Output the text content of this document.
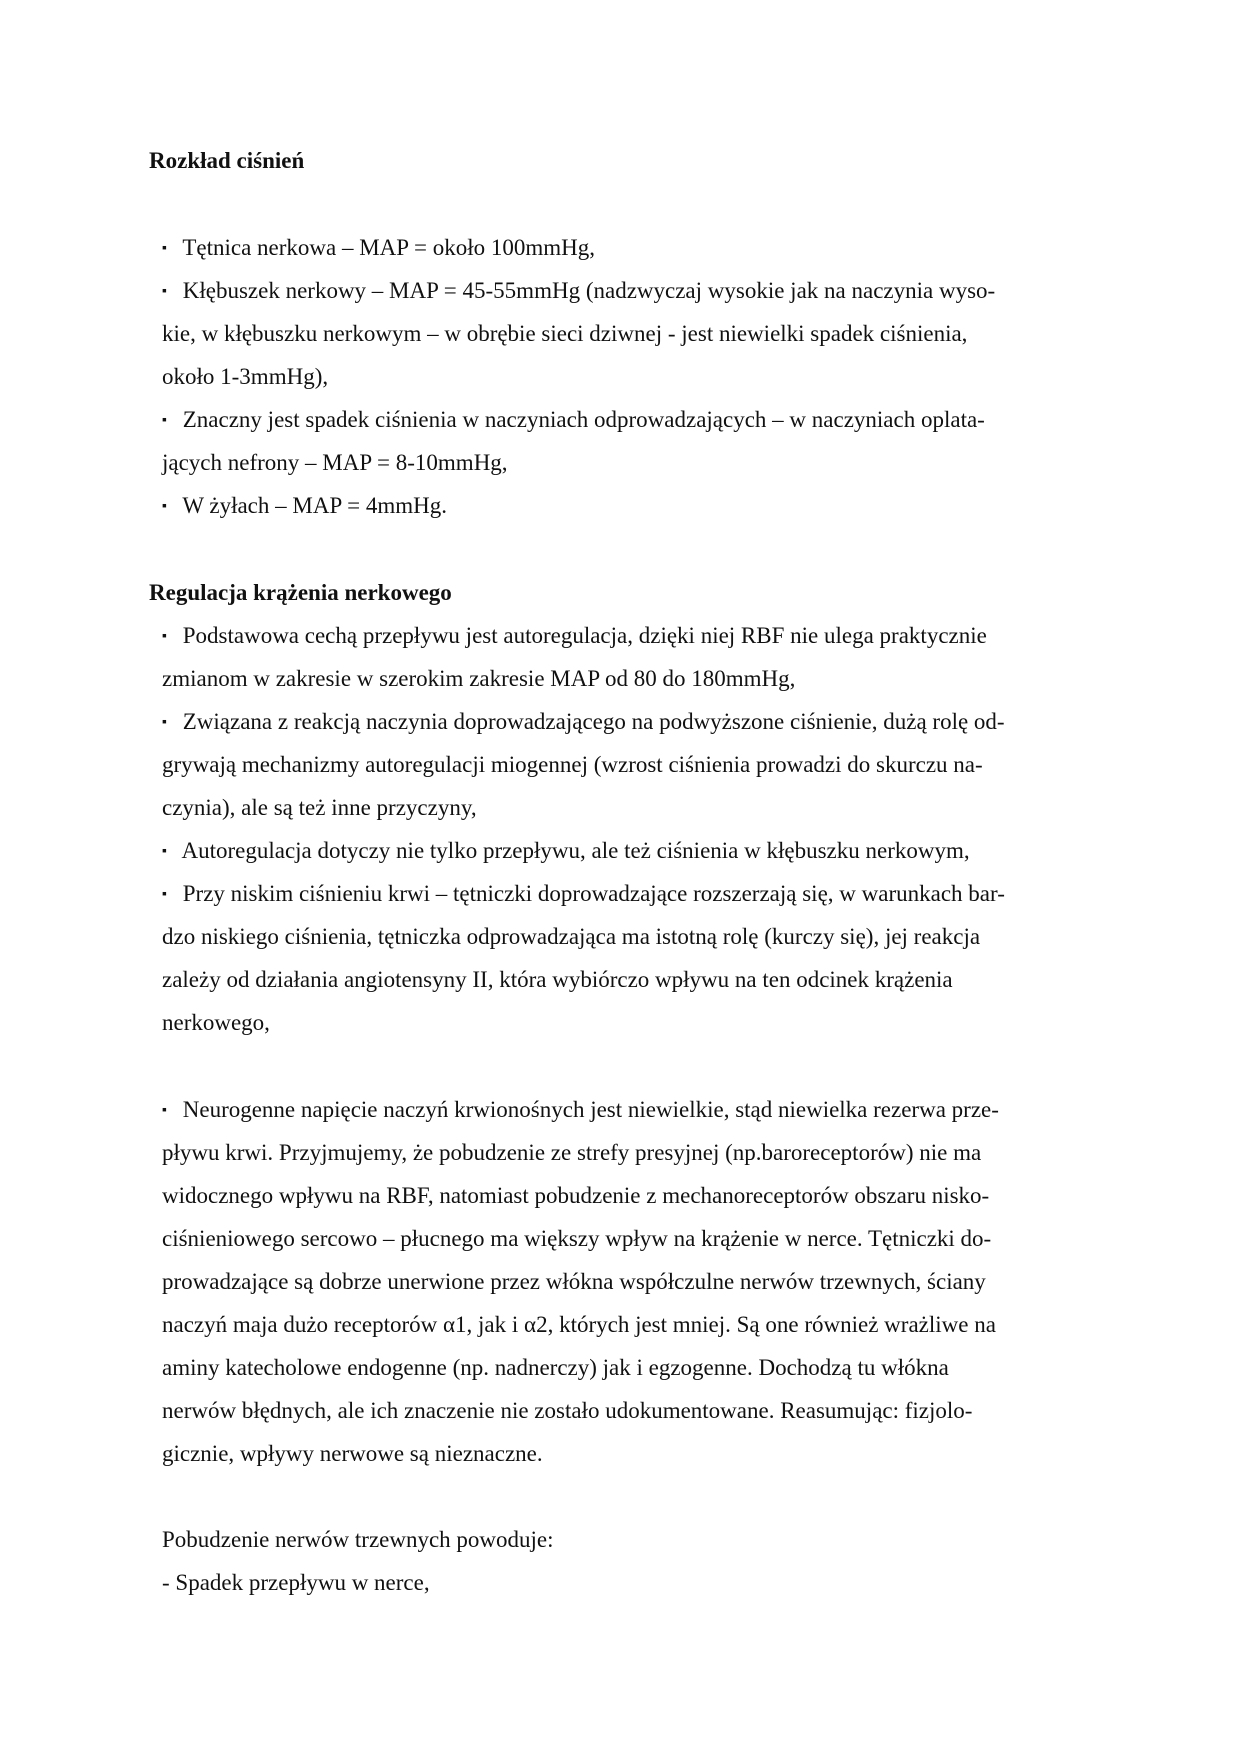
Rozkład ciśnień
▪ Tętnica nerkowa – MAP = około 100mmHg,
▪ Kłębuszek nerkowy – MAP = 45-55mmHg (nadzwyczaj wysokie jak na naczynia wyso-
kie, w kłębuszku nerkowym – w obrębie sieci dziwnej - jest niewielki spadek ciśnienia,
około 1-3mmHg),
▪ Znaczny jest spadek ciśnienia w naczyniach odprowadzających – w naczyniach oplata-
jących nefrony – MAP = 8-10mmHg,
▪ W żyłach – MAP = 4mmHg.
Regulacja krążenia nerkowego
▪ Podstawowa cechą przepływu jest autoregulacja, dzięki niej RBF nie ulega praktycznie
zmianom w zakresie w szerokim zakresie MAP od 80 do 180mmHg,
▪ Związana z reakcją naczynia doprowadzającego na podwyższone ciśnienie, dużą rolę od-
grywają mechanizmy autoregulacji miogennej (wzrost ciśnienia prowadzi do skurczu na-
czynia), ale są też inne przyczyny,
▪ Autoregulacja dotyczy nie tylko przepływu, ale też ciśnienia w kłębuszku nerkowym,
▪ Przy niskim ciśnieniu krwi – tętniczki doprowadzające rozszerzają się, w warunkach bar-
dzo niskiego ciśnienia, tętniczka odprowadzająca ma istotną rolę (kurczy się), jej reakcja
zależy od działania angiotensyny II, która wybiórczo wpływu na ten odcinek krążenia
nerkowego,
▪ Neurogenne napięcie naczyń krwionośnych jest niewielkie, stąd niewielka rezerwa prze-
pływu krwi. Przyjmujemy, że pobudzenie ze strefy presyjnej (np.baroreceptorów) nie ma
widocznego wpływu na RBF, natomiast pobudzenie z mechanoreceptorów obszaru nisko-
ciśnieniowego sercowo – płucnego ma większy wpływ na krążenie w nerce. Tętniczki do-
prowadzające są dobrze unerwione przez włókna współczulne nerwów trzewnych, ściany
naczyń maja dużo receptorów α1, jak i α2, których jest mniej. Są one również wrażliwe na
aminy katecholowe endogenne (np. nadnerczy) jak i egzogenne. Dochodzą tu włókna
nerwów błędnych, ale ich znaczenie nie zostało udokumentowane. Reasumując: fizjolo-
gicznie, wpływy nerwowe są nieznaczne.
Pobudzenie nerwów trzewnych powoduje:
- Spadek przepływu w nerce,
